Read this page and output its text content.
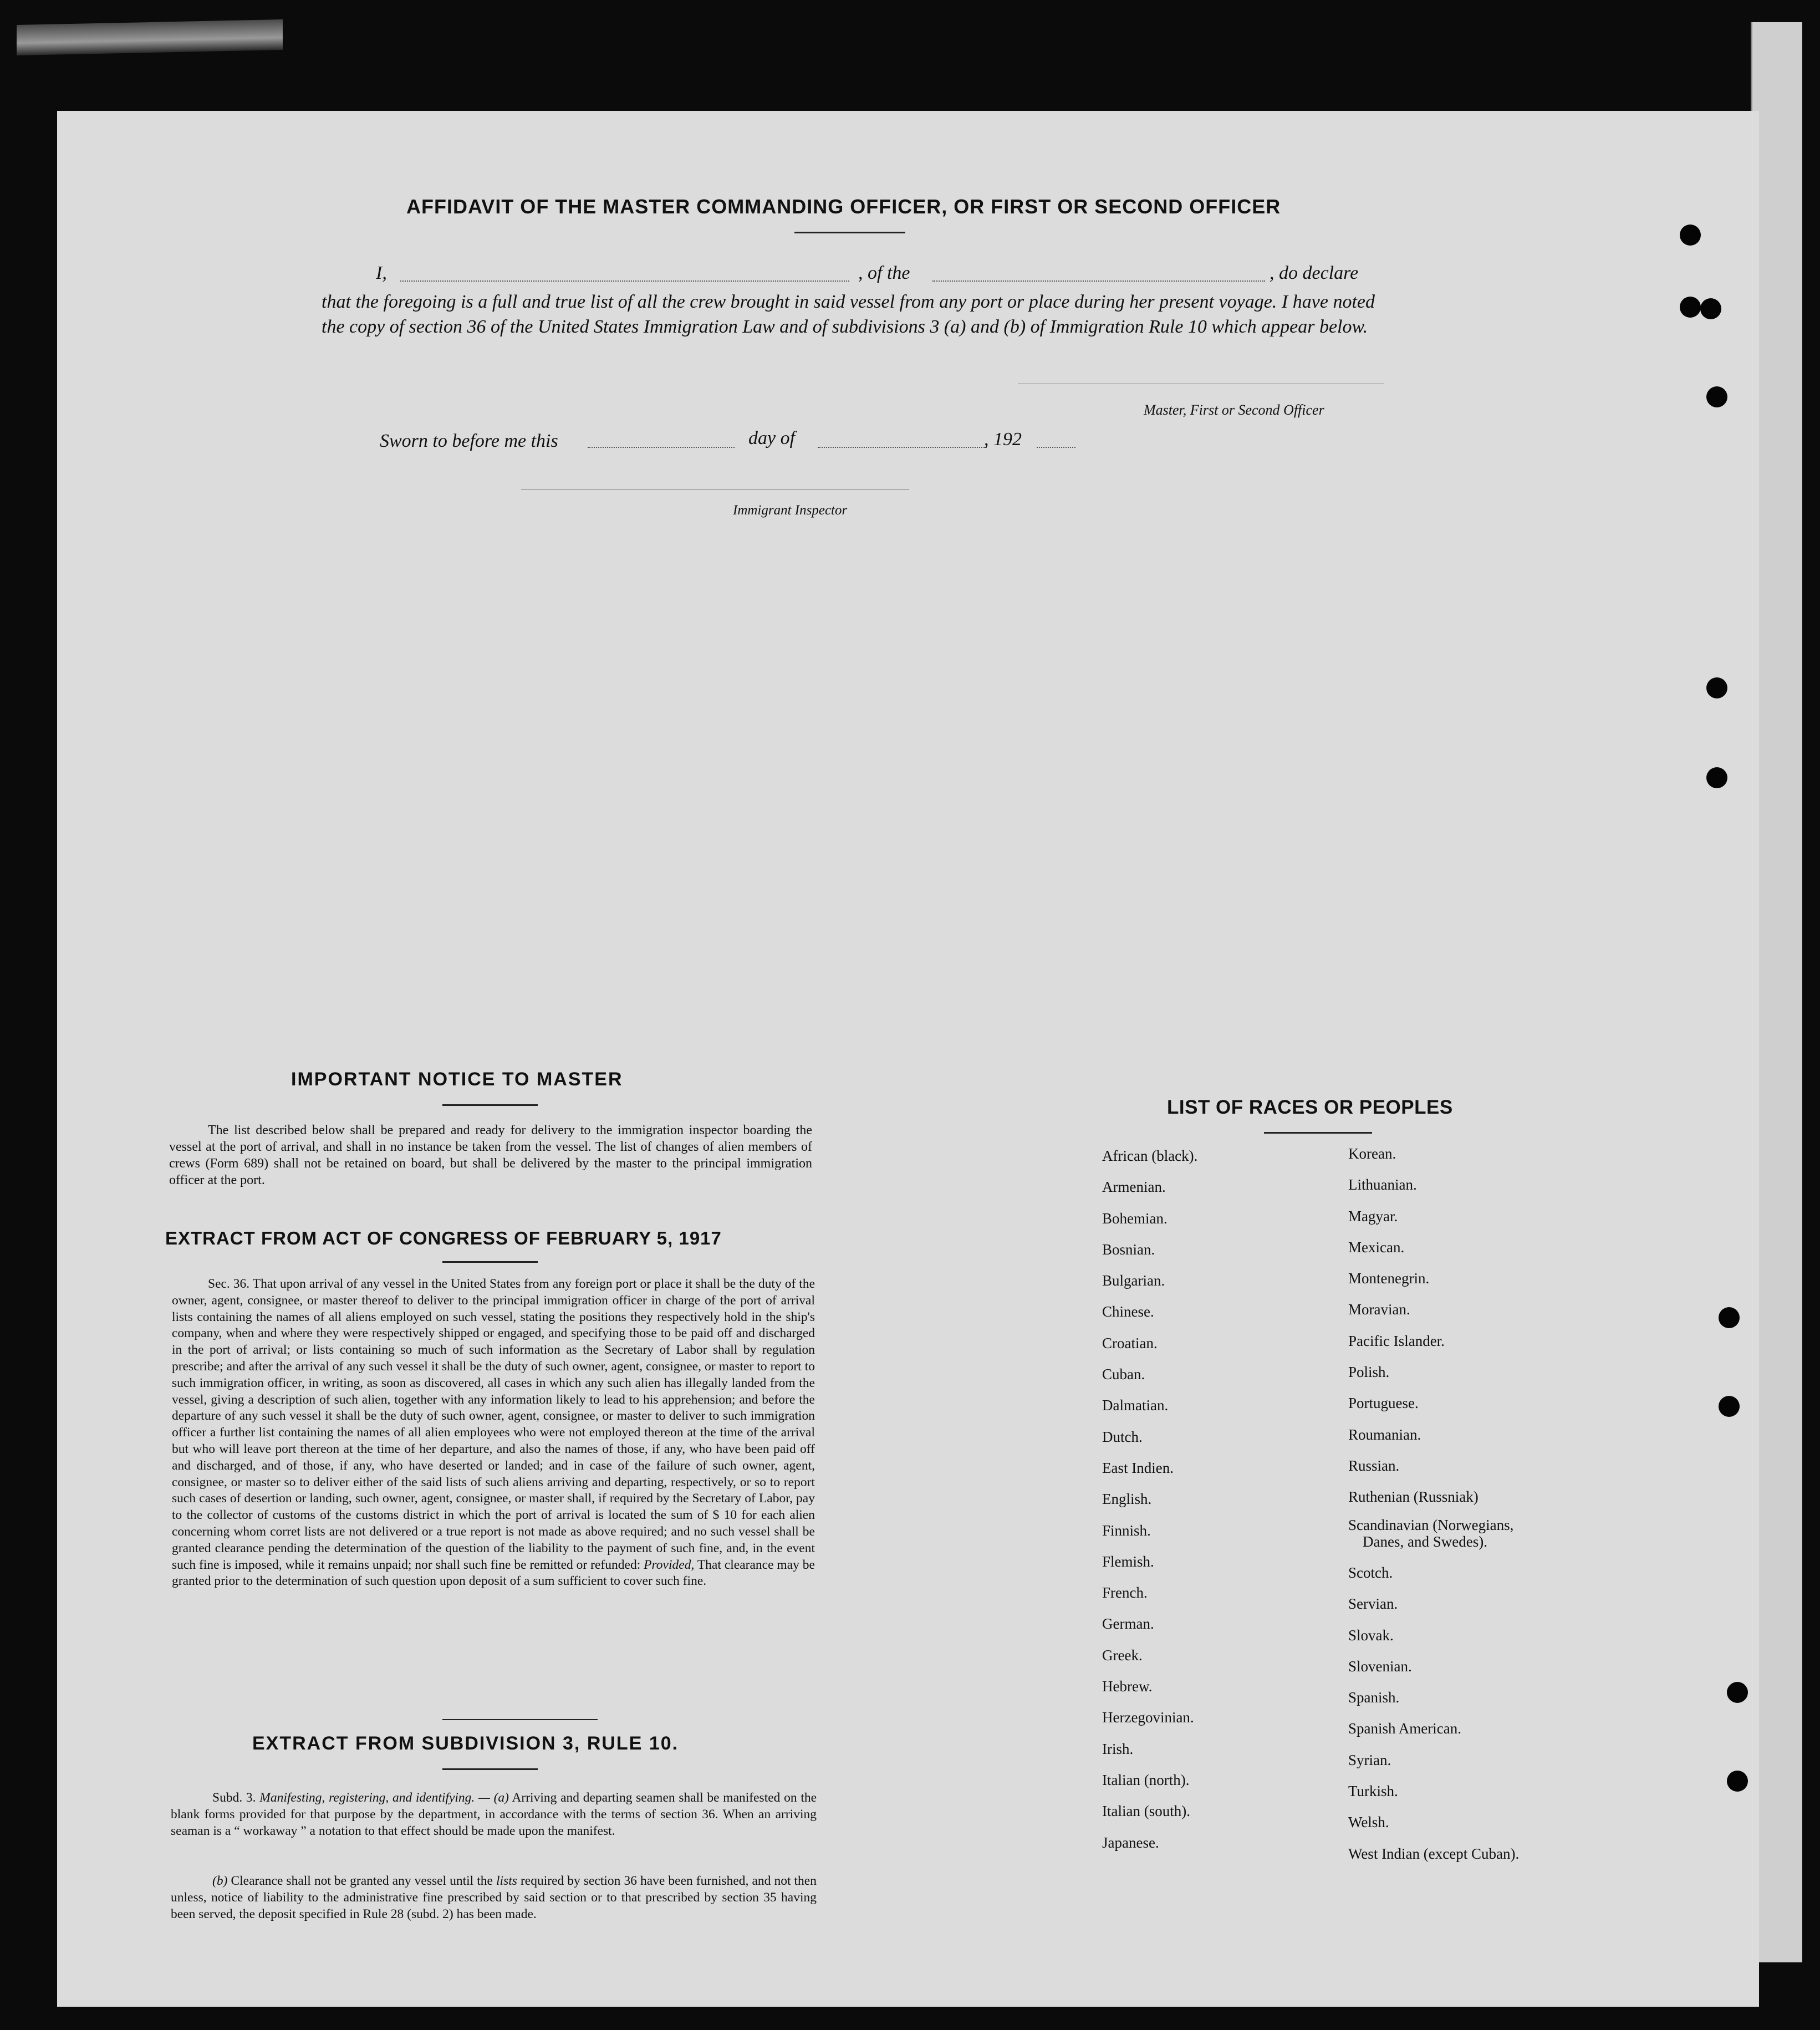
AFFIDAVIT OF THE MASTER COMMANDING OFFICER, OR FIRST OR SECOND OFFICER
I,	, of the	, do declare
that the foregoing is a full and true list of all the crew brought in said vessel from any port or place during her present voyage. I have noted the copy of section 36 of the United States Immigration Law and of subdivisions 3 (a) and (b) of Immigration Rule 10 which appear below.
Master, First or Second Officer
Sworn to before me this	day of	, 192
Immigrant Inspector
IMPORTANT NOTICE TO MASTER
The list described below shall be prepared and ready for delivery to the immigration inspector boarding the vessel at the port of arrival, and shall in no instance be taken from the vessel. The list of changes of alien members of crews (Form 689) shall not be retained on board, but shall be delivered by the master to the principal immigration officer at the port.
EXTRACT FROM ACT OF CONGRESS OF FEBRUARY 5, 1917
Sec. 36. That upon arrival of any vessel in the United States from any foreign port or place it shall be the duty of the owner, agent, consignee, or master thereof to deliver to the principal immigration officer in charge of the port of arrival lists containing the names of all aliens employed on such vessel, stating the positions they respectively hold in the ship's company, when and where they were respectively shipped or engaged, and specifying those to be paid off and discharged in the port of arrival; or lists containing so much of such information as the Secretary of Labor shall by regulation prescribe; and after the arrival of any such vessel it shall be the duty of such owner, agent, consignee, or master to report to such immigration officer, in writing, as soon as discovered, all cases in which any such alien has illegally landed from the vessel, giving a description of such alien, together with any information likely to lead to his apprehension; and before the departure of any such vessel it shall be the duty of such owner, agent, consignee, or master to deliver to such immigration officer a further list containing the names of all alien employees who were not employed thereon at the time of the arrival but who will leave port thereon at the time of her departure, and also the names of those, if any, who have been paid off and discharged, and of those, if any, who have deserted or landed; and in case of the failure of such owner, agent, consignee, or master so to deliver either of the said lists of such aliens arriving and departing, respectively, or so to report such cases of desertion or landing, such owner, agent, consignee, or master shall, if required by the Secretary of Labor, pay to the collector of customs of the customs district in which the port of arrival is located the sum of $ 10 for each alien concerning whom corret lists are not delivered or a true report is not made as above required; and no such vessel shall be granted clearance pending the determination of the question of the liability to the payment of such fine, and, in the event such fine is imposed, while it remains unpaid; nor shall such fine be remitted or refunded: Provided, That clearance may be granted prior to the determination of such question upon deposit of a sum sufficient to cover such fine.
EXTRACT FROM SUBDIVISION 3, RULE 10.
Subd. 3. Manifesting, registering, and identifying. — (a) Arriving and departing seamen shall be manifested on the blank forms provided for that purpose by the department, in accordance with the terms of section 36. When an arriving seaman is a “ workaway ” a notation to that effect should be made upon the manifest.
(b) Clearance shall not be granted any vessel until the lists required by section 36 have been furnished, and not then unless, notice of liability to the administrative fine prescribed by said section or to that prescribed by section 35 having been served, the deposit specified in Rule 28 (subd. 2) has been made.
LIST OF RACES OR PEOPLES
African (black).
Armenian.
Bohemian.
Bosnian.
Bulgarian.
Chinese.
Croatian.
Cuban.
Dalmatian.
Dutch.
East Indien.
English.
Finnish.
Flemish.
French.
German.
Greek.
Hebrew.
Herzegovinian.
Irish.
Italian (north).
Italian (south).
Japanese.
Korean.
Lithuanian.
Magyar.
Mexican.
Montenegrin.
Moravian.
Pacific Islander.
Polish.
Portuguese.
Roumanian.
Russian.
Ruthenian (Russniak)
Scandinavian (Norwegians,
Danes, and Swedes).
Scotch.
Servian.
Slovak.
Slovenian.
Spanish.
Spanish American.
Syrian.
Turkish.
Welsh.
West Indian (except Cuban).
